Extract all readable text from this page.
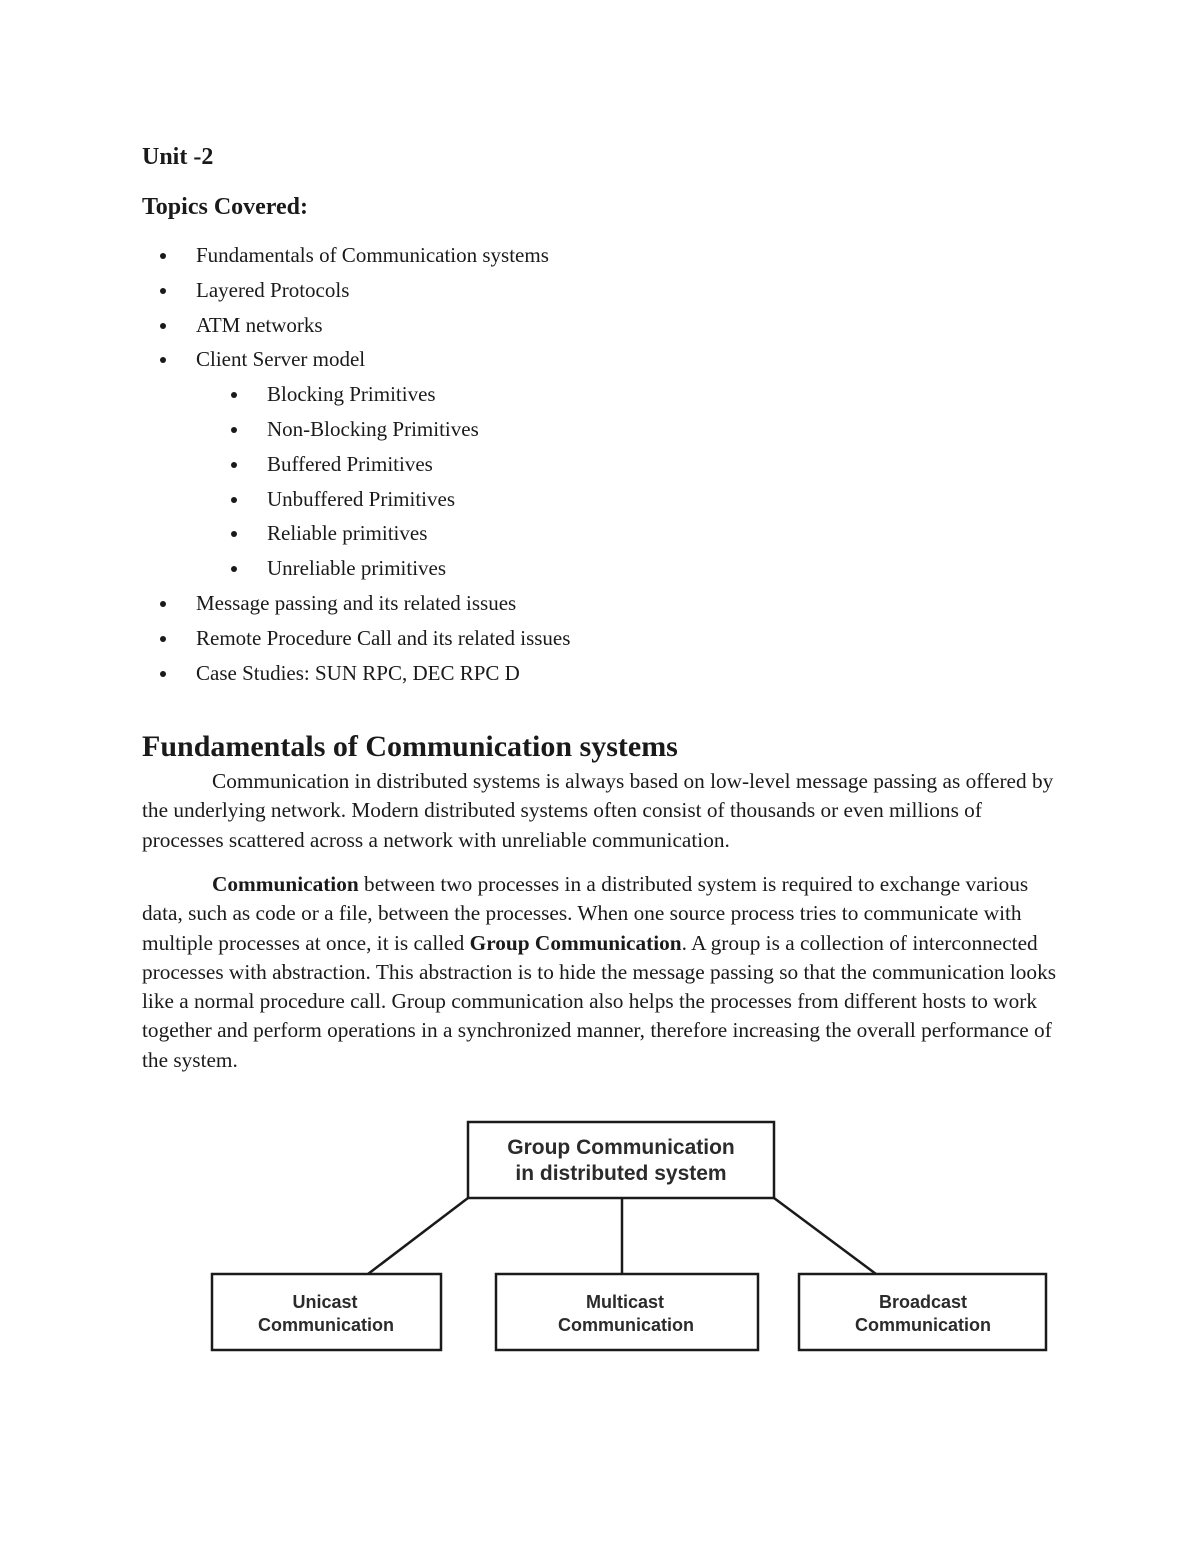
Unit -2
Topics Covered:
Fundamentals of Communication systems
Layered Protocols
ATM networks
Client Server model
Blocking Primitives
Non-Blocking Primitives
Buffered Primitives
Unbuffered Primitives
Reliable primitives
Unreliable primitives
Message passing and its related issues
Remote Procedure Call and its related issues
Case Studies: SUN RPC, DEC RPC D
Fundamentals of Communication systems

Communication in distributed systems is always based on low-level message passing as offered by the underlying network. Modern distributed systems often consist of thousands or even millions of processes scattered across a network with unreliable communication.

Communication between two processes in a distributed system is required to exchange various data, such as code or a file, between the processes. When one source process tries to communicate with multiple processes at once, it is called Group Communication. A group is a collection of interconnected processes with abstraction. This abstraction is to hide the message passing so that the communication looks like a normal procedure call. Group communication also helps the processes from different hosts to work together and perform operations in a synchronized manner, therefore increasing the overall performance of the system.

Group Communication
in distributed system
Unicast
Communication
Multicast
Communication
Broadcast
Communication
